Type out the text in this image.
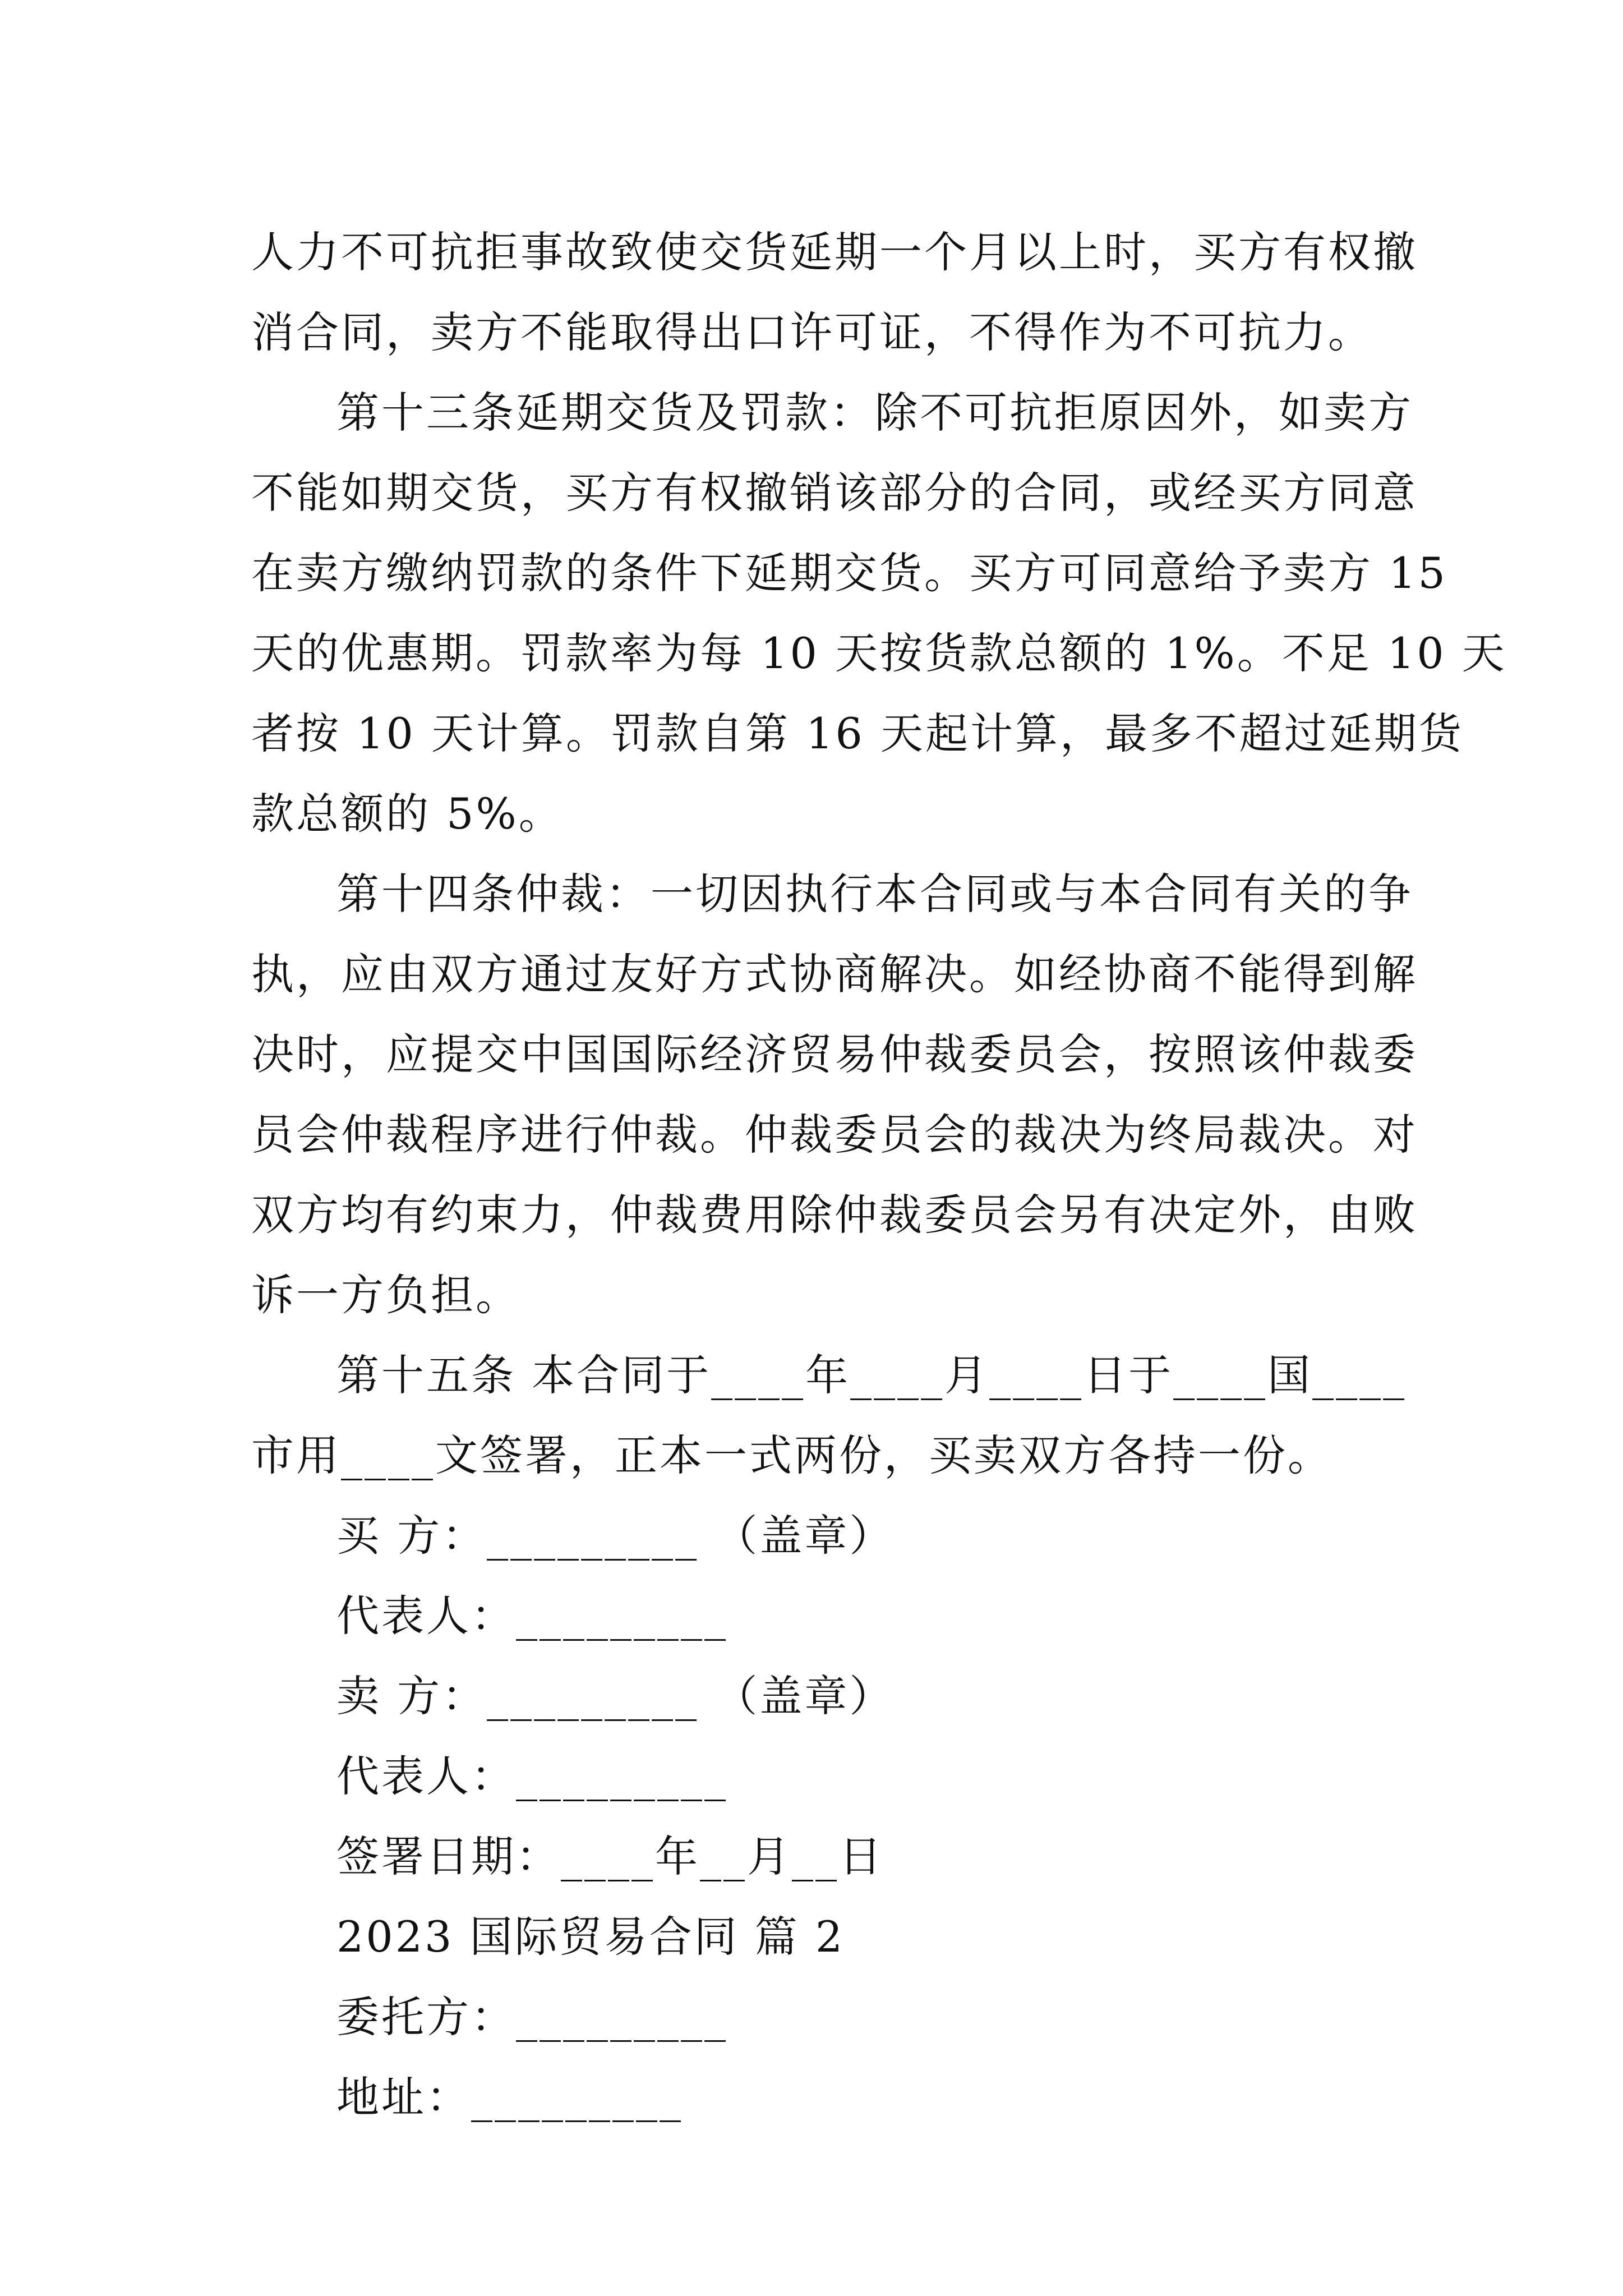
人力不可抗拒事故致使交货延期一个月以上时，买方有权撤
消合同，卖方不能取得出口许可证，不得作为不可抗力。
第十三条延期交货及罚款：除不可抗拒原因外，如卖方
不能如期交货，买方有权撤销该部分的合同，或经买方同意
在卖方缴纳罚款的条件下延期交货。买方可同意给予卖方 15
天的优惠期。罚款率为每 10 天按货款总额的 1%。不足 10 天
者按 10 天计算。罚款自第 16 天起计算，最多不超过延期货
款总额的 5%。
第十四条仲裁：一切因执行本合同或与本合同有关的争
执，应由双方通过友好方式协商解决。如经协商不能得到解
决时，应提交中国国际经济贸易仲裁委员会，按照该仲裁委
员会仲裁程序进行仲裁。仲裁委员会的裁决为终局裁决。对
双方均有约束力，仲裁费用除仲裁委员会另有决定外，由败
诉一方负担。
第十五条 本合同于____年____月____日于____国____
市用____文签署，正本一式两份，买卖双方各持一份。
买 方：_________ （盖章）
代表人：_________
卖 方：_________ （盖章）
代表人：_________
签署日期：____年__月__日
2023 国际贸易合同 篇 2
委托方：_________
地址：_________
